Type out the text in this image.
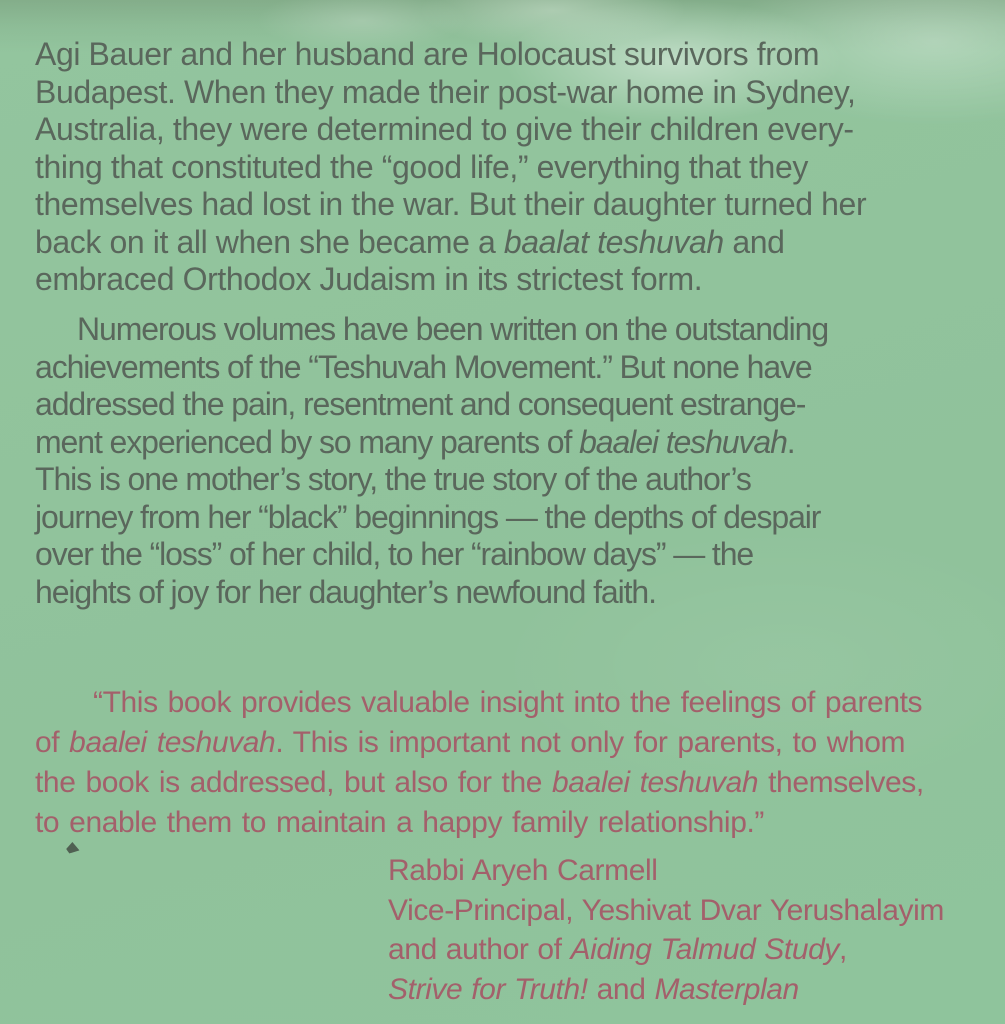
Agi Bauer and her husband are Holocaust survivors from
Budapest. When they made their post-war home in Sydney,
Australia, they were determined to give their children every-
thing that constituted the “good life,” everything that they
themselves had lost in the war. But their daughter turned her
back on it all when she became a baalat teshuvah and
embraced Orthodox Judaism in its strictest form.
Numerous volumes have been written on the outstanding
achievements of the “Teshuvah Movement.” But none have
addressed the pain, resentment and consequent estrange-
ment experienced by so many parents of baalei teshuvah.
This is one mother’s story, the true story of the author’s
journey from her “black” beginnings — the depths of despair
over the “loss” of her child, to her “rainbow days” — the
heights of joy for her daughter’s newfound faith.
“This book provides valuable insight into the feelings of parents
of baalei teshuvah. This is important not only for parents, to whom
the book is addressed, but also for the baalei teshuvah themselves,
to enable them to maintain a happy family relationship.”
Rabbi Aryeh Carmell
Vice-Principal, Yeshivat Dvar Yerushalayim
and author of Aiding Talmud Study,
Strive for Truth! and Masterplan
